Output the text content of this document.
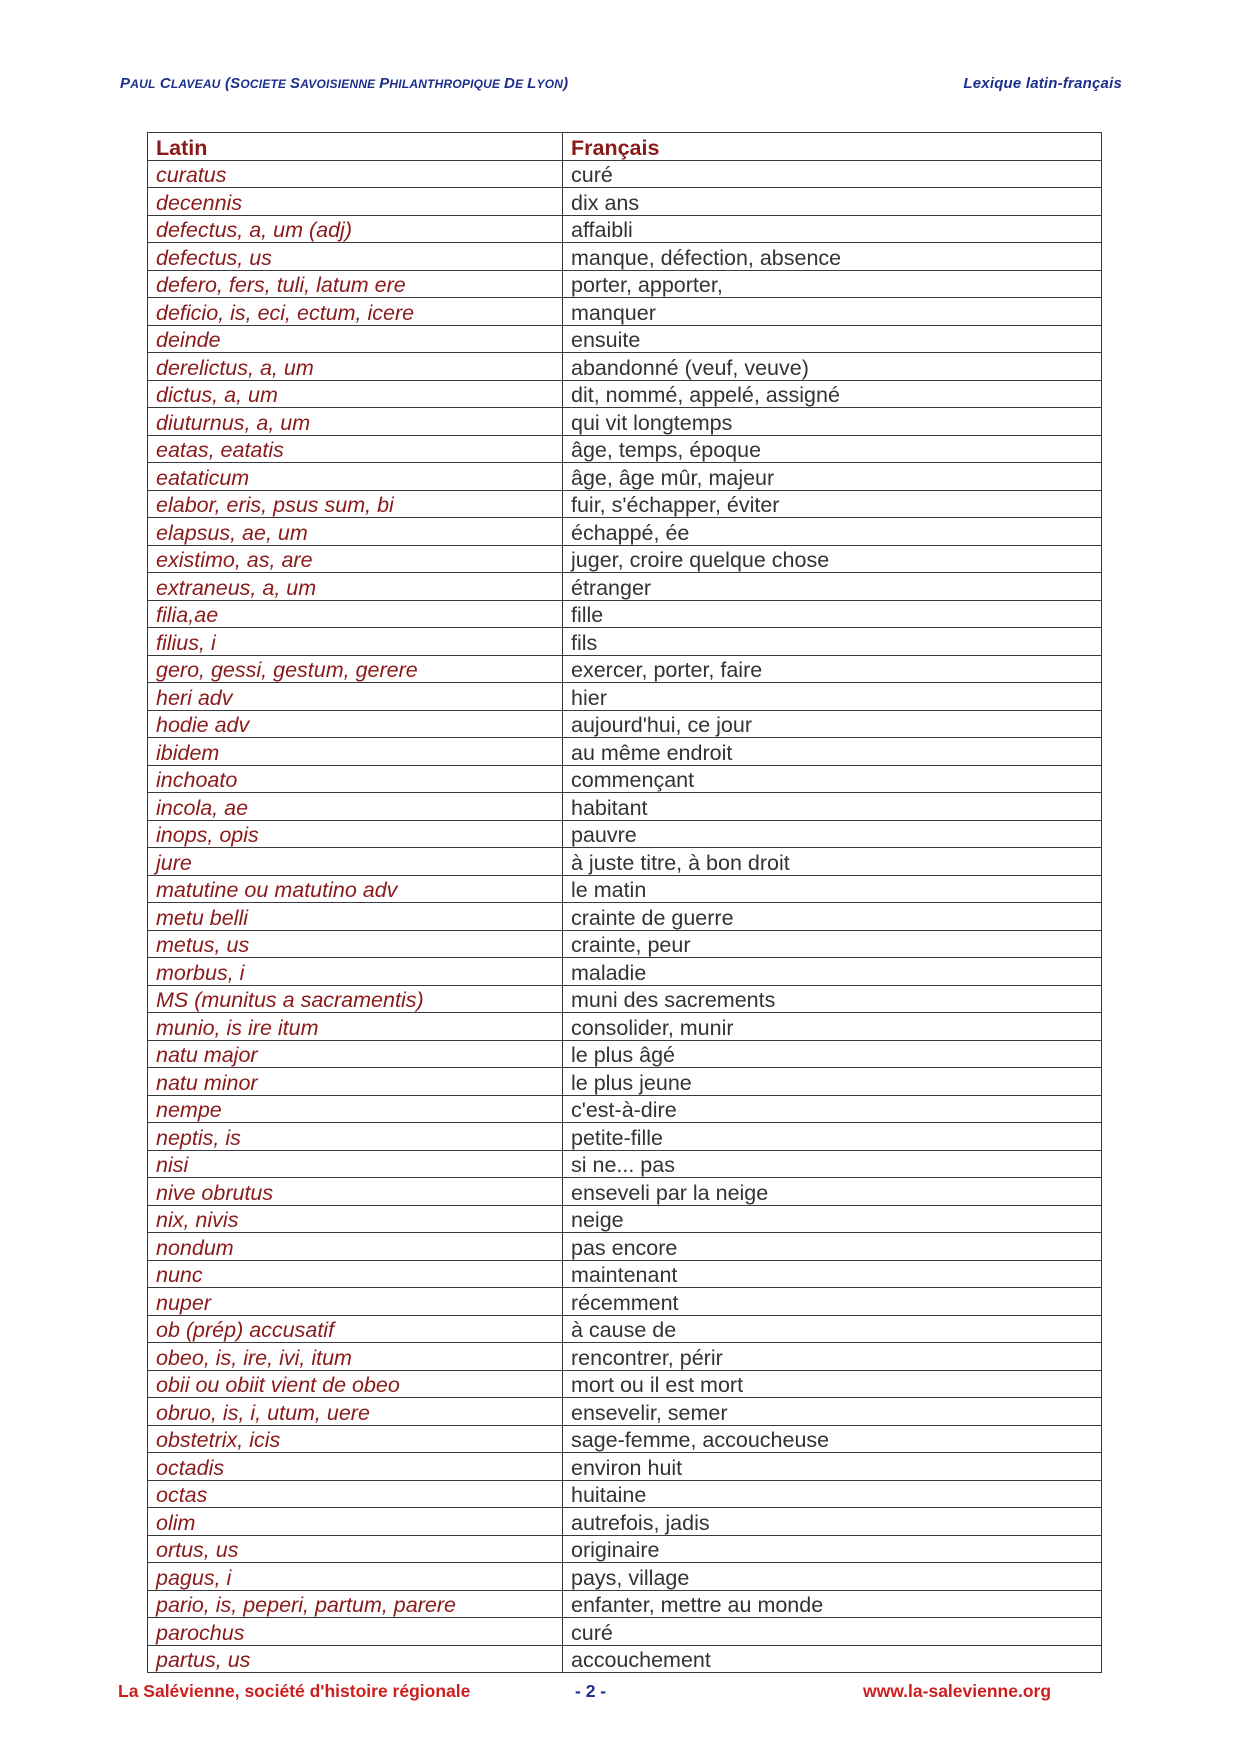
PAUL CLAVEAU (SOCIETE SAVOISIENNE PHILANTHROPIQUE DE LYON)	Lexique latin-français
Latin	Français
curatus	curé
decennis	dix ans
defectus, a, um (adj)	affaibli
defectus, us	manque, défection, absence
defero, fers, tuli, latum ere	porter, apporter,
deficio, is, eci, ectum, icere	manquer
deinde	ensuite
derelictus, a, um	abandonné (veuf, veuve)
dictus, a, um	dit, nommé, appelé, assigné
diuturnus, a, um	qui vit longtemps
eatas, eatatis	âge, temps, époque
eataticum	âge, âge mûr, majeur
elabor, eris, psus sum, bi	fuir, s'échapper, éviter
elapsus, ae, um	échappé, ée
existimo, as, are	juger, croire quelque chose
extraneus, a, um	étranger
filia,ae	fille
filius, i	fils
gero, gessi, gestum, gerere	exercer, porter, faire
heri adv	hier
hodie adv	aujourd'hui, ce jour
ibidem	au même endroit
inchoato	commençant
incola, ae	habitant
inops, opis	pauvre
jure	à juste titre, à bon droit
matutine ou matutino adv	le matin
metu belli	crainte de guerre
metus, us	crainte, peur
morbus, i	maladie
MS (munitus a sacramentis)	muni des sacrements
munio, is ire itum	consolider, munir
natu major	le plus âgé
natu minor	le plus jeune
nempe	c'est-à-dire
neptis, is	petite-fille
nisi	si ne... pas
nive obrutus	enseveli par la neige
nix, nivis	neige
nondum	pas encore
nunc	maintenant
nuper	récemment
ob (prép) accusatif	à cause de
obeo, is, ire, ivi, itum	rencontrer, périr
obii ou obiit vient de obeo	mort ou il est mort
obruo, is, i, utum, uere	ensevelir, semer
obstetrix, icis	sage-femme, accoucheuse
octadis	environ huit
octas	huitaine
olim	autrefois, jadis
ortus, us	originaire
pagus, i	pays, village
pario, is, peperi, partum, parere	enfanter, mettre au monde
parochus	curé
partus, us	accouchement
La Salévienne, société d'histoire régionale	- 2 -	www.la-salevienne.org
